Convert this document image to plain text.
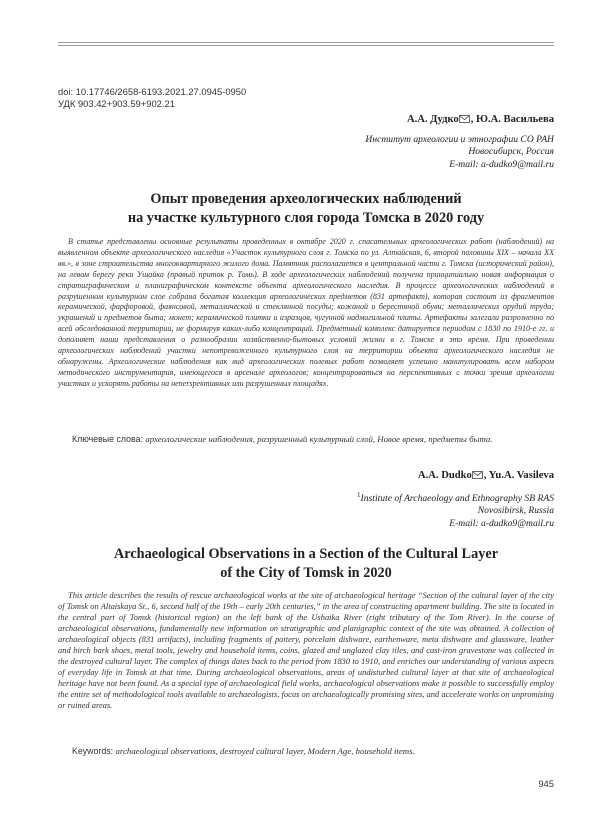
doi: 10.17746/2658-6193.2021.27.0945-0950
УДК 903.42+903.59+902.21
А.А. Дудко , Ю.А. Васильева
Институт археологии и этнографии СО РАН
Новосибирск, Россия
E-mail: a-dudko9@mail.ru
Опыт проведения археологических наблюдений
на участке культурного слоя города Томска в 2020 году

В статье представлены основные результаты проведенных в октябре 2020 г. спасательных археологических работ (наблюдений) на выявленном объекте археологического наследия «Участок культурного слоя г. Томска по ул. Алтайская, 6, второй половины XIX – начала XX вв.», в зоне строительства многоквартирного жилого дома. Памятник располагается в центральной части г. Томска (исторический район), на левом берегу реки Ушайка (правый приток р. Томь). В ходе археологических наблюдений получена принципиально новая информация о стратиграфическом и планиграфическом контексте объекта археологического наследия. В процессе археологических наблюдений в разрушенном культурном слое собрана богатая коллекция археологических предметов (831 артефакт), которая состоит из фрагментов керамической, фарфоровой, фаянсовой, металлической и стеклянной посуды; кожаной и берестяной обуви; металлических орудий труда; украшений и предметов быта; монет; керамической плитки и изразцов, чугунной надмогильной плиты. Артефакты залегали разрозненно по всей обследованной территории, не формируя каких-либо концентраций. Предметный комплекс датируется периодом с 1830 по 1910-е гг. и дополняет наши представления о разнообразии хозяйственно-бытовых условий жизни в г. Томске в это время. При проведении археологических наблюдений участки непотревоженного культурного слоя на территории объекта археологического наследия не обнаружены. Археологические наблюдения как вид археологических полевых работ позволяет успешно манипулировать всем набором методического инструментария, имеющегося в арсенале археологов; концентрироваться на перспективных с точки зрения археологии участках и ускорять работы на непerspективных или разрушенных площадях.

Ключевые слова: археологические наблюдения, разрушенный культурный слой, Новое время, предметы быта.
A.A. Dudko , Yu.A. Vasileva
$^1$Institute of Archaeology and Ethnography SB RAS
Novosibirsk, Russia
E-mail: a-dudko9@mail.ru
Archaeological Observations in a Section of the Cultural Layer
of the City of Tomsk in 2020

This article describes the results of rescue archaeological works at the site of archaeological heritage “Section of the cultural layer of the city of Tomsk on Altaiskaya St., 6, second half of the 19th – early 20th centuries,” in the area of constructing apartment building. The site is located in the central part of Tomsk (historical region) on the left bank of the Ushaika River (right tributary of the Tom River). In the course of archaeological observations, fundamentally new information on stratigraphic and planigraphic context of the site was obtained. A collection of archaeological objects (831 artifacts), including fragments of pottery, porcelain dishware, earthenware, meta dishware and glassware, leather and birch bark shoes, metal tools, jewelry and household items, coins, glazed and unglazed clay tiles, and cast-iron gravestone was collected in the destroyed cultural layer. The complex of things dates back to the period from 1830 to 1910, and enriches our understanding of various aspects of everyday life in Tomsk at that time. During archaeological observations, areas of undisturbed cultural layer at that site of archaeological heritage have not been found. As a special type of archaeological field works, archaeological observations make it possible to successfully employ the entire set of methodological tools available to archaeologists, focus on archaeologically promising sites, and accelerate works on unpromising or ruined areas.

Keywords: archaeological observations, destroyed cultural layer, Modern Age, household items.
945
